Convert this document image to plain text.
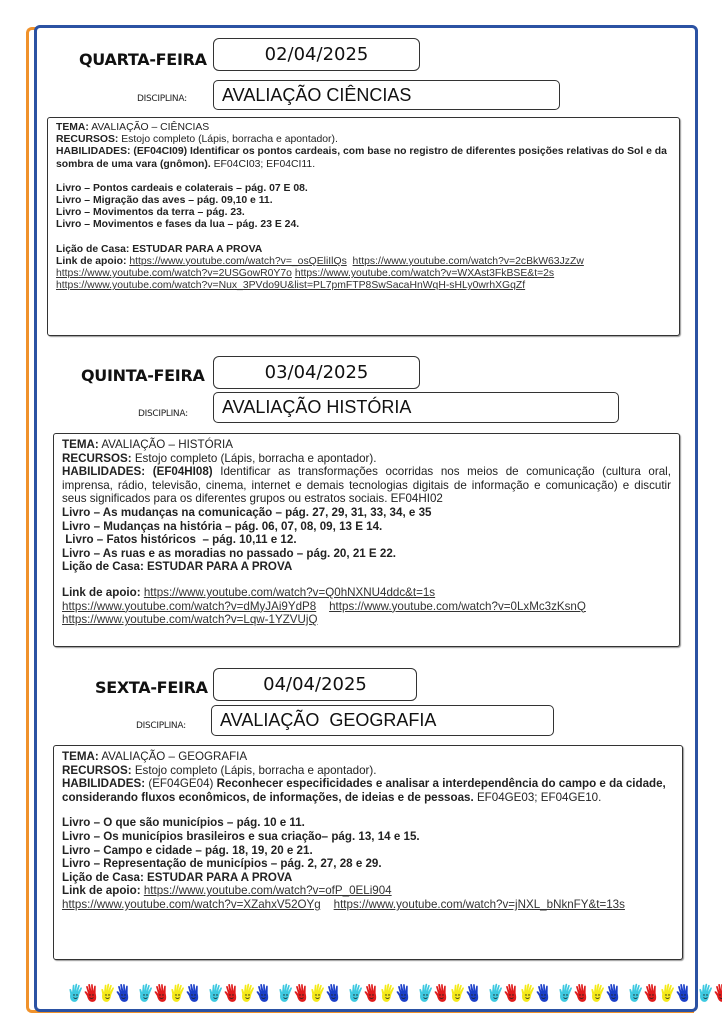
QUARTA-FEIRA	02/04/2025
DISCIPLINA:	AVALIAÇÃO CIÊNCIAS

TEMA: AVALIAÇÃO – CIÊNCIAS

RECURSOS: Estojo completo (Lápis, borracha e apontador).

HABILIDADES: (EF04CI09) Identificar os pontos cardeais, com base no registro de diferentes posições relativas do Sol e da sombra de uma vara (gnômon). EF04CI03; EF04CI11.

Livro – Pontos cardeais e colaterais – pág. 07 E 08.

Livro – Migração das aves – pág. 09,10 e 11.

Livro – Movimentos da terra – pág. 23.

Livro – Movimentos e fases da lua – pág. 23 E 24.

Lição de Casa: ESTUDAR PARA A PROVA

Link de apoio: https://www.youtube.com/watch?v=_osQEliIlQs https://www.youtube.com/watch?v=2cBkW63JzZw
https://www.youtube.com/watch?v=2USGowR0Y7o https://www.youtube.com/watch?v=WXAst3FkBSE&t=2s
https://www.youtube.com/watch?v=Nux_3PVdo9U&list=PL7pmFTP8SwSacaHnWqH-sHLy0wrhXGqZf

QUINTA-FEIRA	03/04/2025
DISCIPLINA:	AVALIAÇÃO HISTÓRIA

TEMA: AVALIAÇÃO – HISTÓRIA

RECURSOS: Estojo completo (Lápis, borracha e apontador).

HABILIDADES: (EF04HI08) Identificar as transformações ocorridas nos meios de comunicação (cultura oral, imprensa, rádio, televisão, cinema, internet e demais tecnologias digitais de informação e comunicação) e discutir seus significados para os diferentes grupos ou estratos sociais. EF04HI02

Livro – As mudanças na comunicação – pág. 27, 29, 31, 33, 34, e 35

Livro – Mudanças na história – pág. 06, 07, 08, 09, 13 E 14.

Livro – Fatos históricos  – pág. 10,11 e 12.

Livro – As ruas e as moradias no passado – pág. 20, 21 E 22.

Lição de Casa: ESTUDAR PARA A PROVA

Link de apoio: https://www.youtube.com/watch?v=Q0hNXNU4ddc&t=1s
https://www.youtube.com/watch?v=dMyJAi9YdP8 https://www.youtube.com/watch?v=0LxMc3zKsnQ
https://www.youtube.com/watch?v=Lqw-1YZVUjQ

SEXTA-FEIRA	04/04/2025
DISCIPLINA:	AVALIAÇÃO  GEOGRAFIA

TEMA: AVALIAÇÃO – GEOGRAFIA

RECURSOS: Estojo completo (Lápis, borracha e apontador).

HABILIDADES: (EF04GE04) Reconhecer especificidades e analisar a interdependência do campo e da cidade, considerando fluxos econômicos, de informações, de ideias e de pessoas. EF04GE03; EF04GE10.

Livro – O que são municípios – pág. 10 e 11.

Livro – Os municípios brasileiros e sua criação– pág. 13, 14 e 15.

Livro – Campo e cidade – pág. 18, 19, 20 e 21.

Livro – Representação de municípios – pág. 2, 27, 28 e 29.

Lição de Casa: ESTUDAR PARA A PROVA

Link de apoio: https://www.youtube.com/watch?v=ofP_0ELi904
https://www.youtube.com/watch?v=XZahxV52OYg https://www.youtube.com/watch?v=jNXL_bNknFY&t=13s
